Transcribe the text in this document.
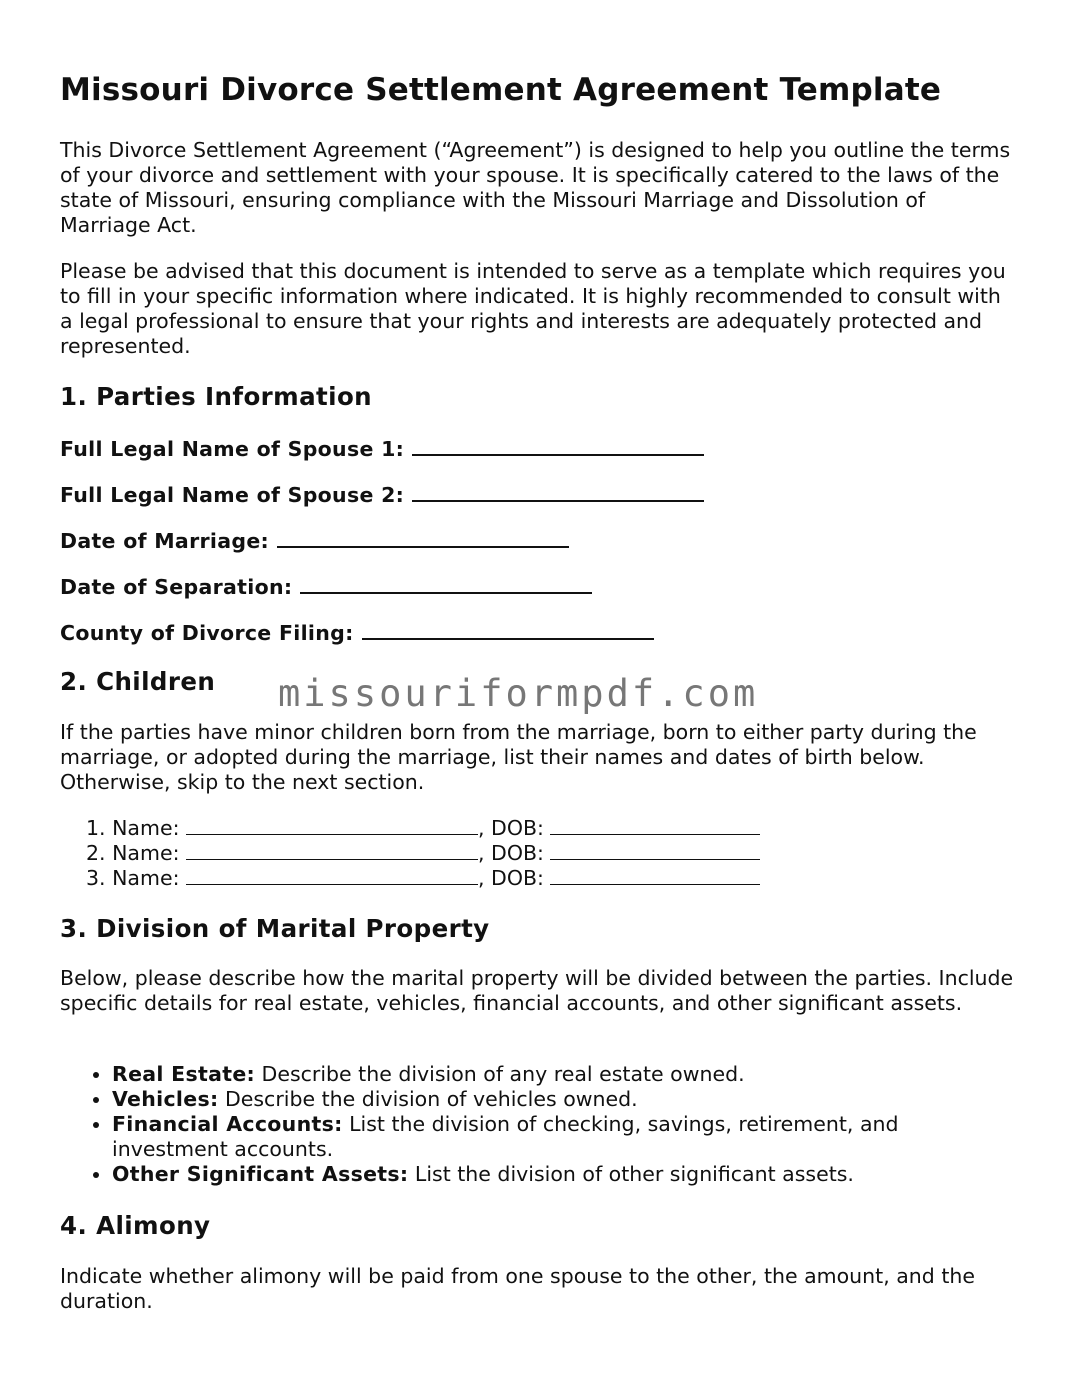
Missouri Divorce Settlement Agreement Template

This Divorce Settlement Agreement (“Agreement”) is designed to help you outline the terms of your divorce and settlement with your spouse. It is specifically catered to the laws of the state of Missouri, ensuring compliance with the Missouri Marriage and Dissolution of Marriage Act.

Please be advised that this document is intended to serve as a template which requires you to fill in your specific information where indicated. It is highly recommended to consult with a legal professional to ensure that your rights and interests are adequately protected and represented.

1. Parties Information

Full Legal Name of Spouse 1:

Full Legal Name of Spouse 2:

Date of Marriage:

Date of Separation:

County of Divorce Filing:

2. Children

If the parties have minor children born from the marriage, born to either party during the marriage, or adopted during the marriage, list their names and dates of birth below. Otherwise, skip to the next section.

1. Name:	, DOB:
2. Name:	, DOB:
3. Name:	, DOB:
3. Division of Marital Property

Below, please describe how the marital property will be divided between the parties. Include specific details for real estate, vehicles, financial accounts, and other significant assets.

• Real Estate: Describe the division of any real estate owned.
• Vehicles: Describe the division of vehicles owned.
• Financial Accounts: List the division of checking, savings, retirement, and investment accounts.
• Other Significant Assets: List the division of other significant assets.
4. Alimony

Indicate whether alimony will be paid from one spouse to the other, the amount, and the duration.

missouriformpdf.com
